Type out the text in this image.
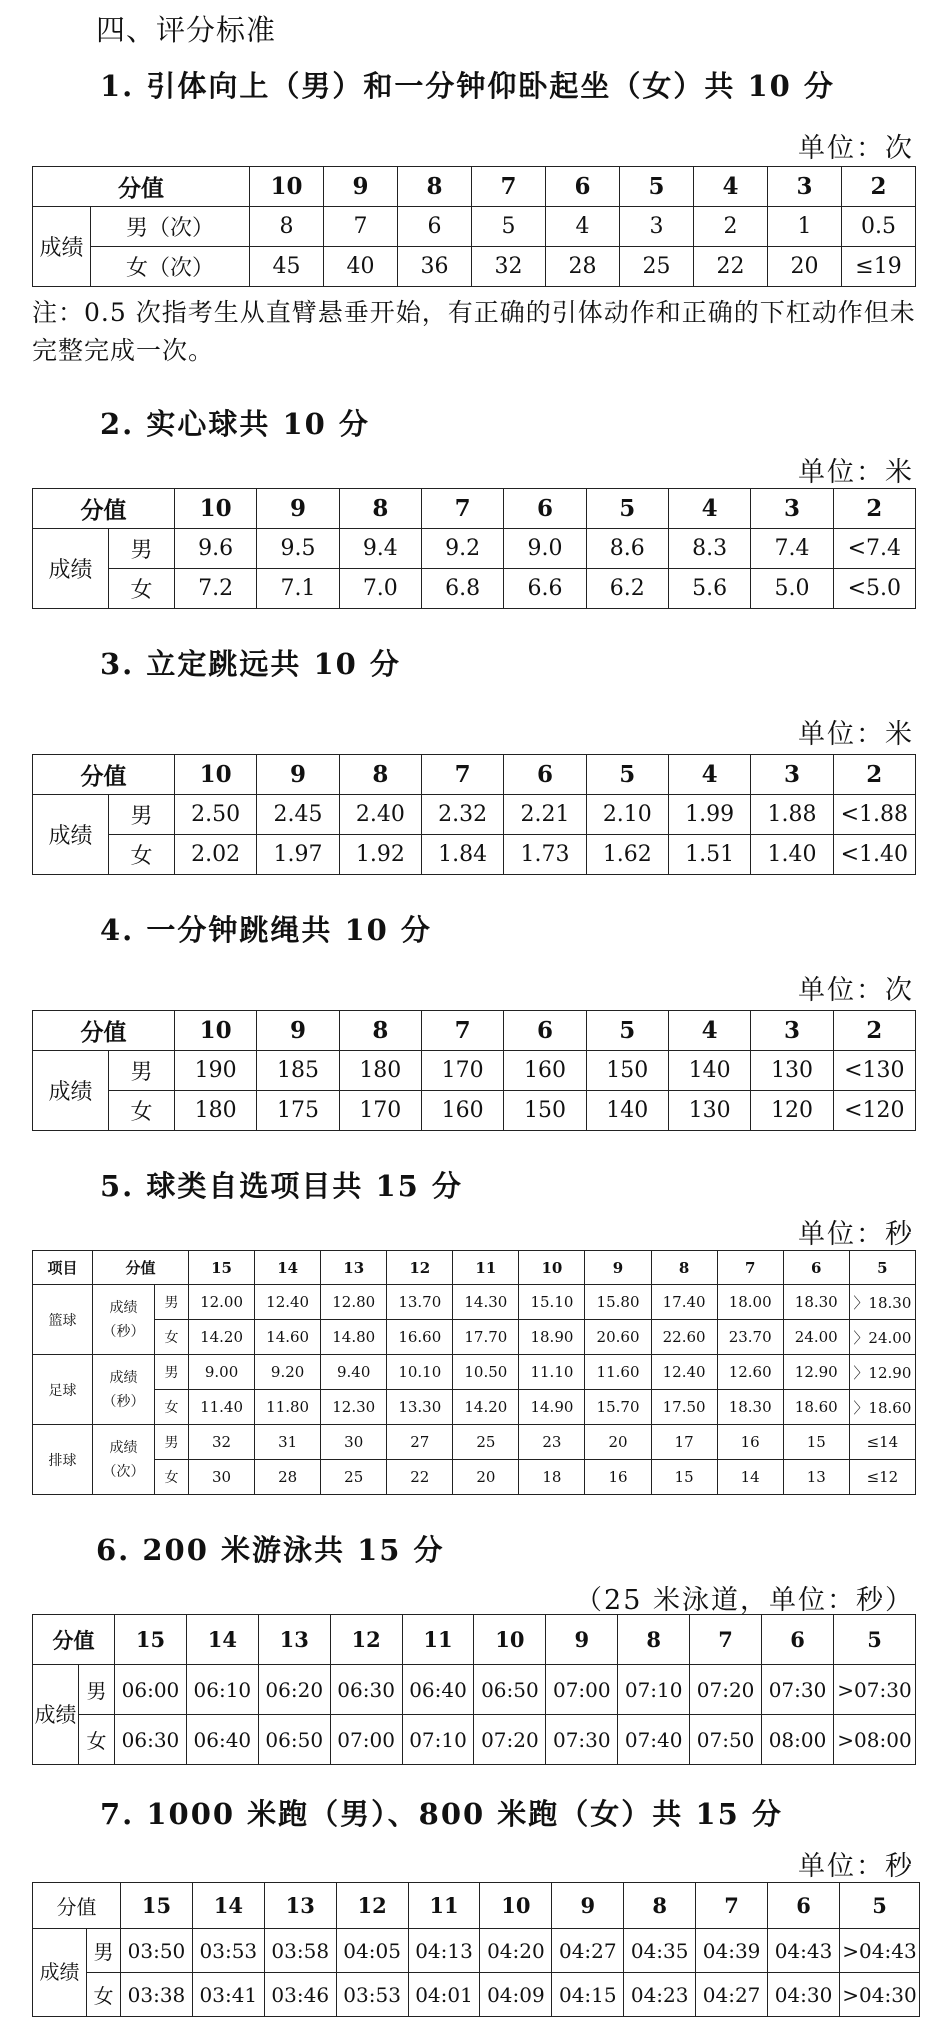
四、评分标准
1. 引体向上（男）和一分钟仰卧起坐（女）共 10 分
单位：次
分值		10	9	8	7	6	5	4	3	2
成绩	男（次）	8	7	6	5	4	3	2	1	0.5
	女（次）	45	40	36	32	28	25	22	20	≤19
注：0.5 次指考生从直臂悬垂开始，有正确的引体动作和正确的下杠动作但未完整完成一次。
2. 实心球共 10 分
单位：米
分值		10	9	8	7	6	5	4	3	2
成绩	男	9.6	9.5	9.4	9.2	9.0	8.6	8.3	7.4	<7.4
	女	7.2	7.1	7.0	6.8	6.6	6.2	5.6	5.0	<5.0
3. 立定跳远共 10 分
单位：米
分值		10	9	8	7	6	5	4	3	2
成绩	男	2.50	2.45	2.40	2.32	2.21	2.10	1.99	1.88	<1.88
	女	2.02	1.97	1.92	1.84	1.73	1.62	1.51	1.40	<1.40
4. 一分钟跳绳共 10 分
单位：次
分值		10	9	8	7	6	5	4	3	2
成绩	男	190	185	180	170	160	150	140	130	<130
	女	180	175	170	160	150	140	130	120	<120
5. 球类自选项目共 15 分
单位：秒
项目	分值		15	14	13	12	11	10	9	8	7	6	5
篮球	成绩（秒）	男	12.00	12.40	12.80	13.70	14.30	15.10	15.80	17.40	18.00	18.30	〉18.30
		女	14.20	14.60	14.80	16.60	17.70	18.90	20.60	22.60	23.70	24.00	〉24.00
足球	成绩（秒）	男	9.00	9.20	9.40	10.10	10.50	11.10	11.60	12.40	12.60	12.90	〉12.90
		女	11.40	11.80	12.30	13.30	14.20	14.90	15.70	17.50	18.30	18.60	〉18.60
排球	成绩（次）	男	32	31	30	27	25	23	20	17	16	15	≤14
		女	30	28	25	22	20	18	16	15	14	13	≤12
6. 200 米游泳共 15 分
（25 米泳道，单位：秒）
分值		15	14	13	12	11	10	9	8	7	6	5
成绩	男	06:00	06:10	06:20	06:30	06:40	06:50	07:00	07:10	07:20	07:30	>07:30
	女	06:30	06:40	06:50	07:00	07:10	07:20	07:30	07:40	07:50	08:00	>08:00
7. 1000 米跑（男）、800 米跑（女）共 15 分
单位：秒
分值		15	14	13	12	11	10	9	8	7	6	5
成绩	男	03:50	03:53	03:58	04:05	04:13	04:20	04:27	04:35	04:39	04:43	>04:43
	女	03:38	03:41	03:46	03:53	04:01	04:09	04:15	04:23	04:27	04:30	>04:30
